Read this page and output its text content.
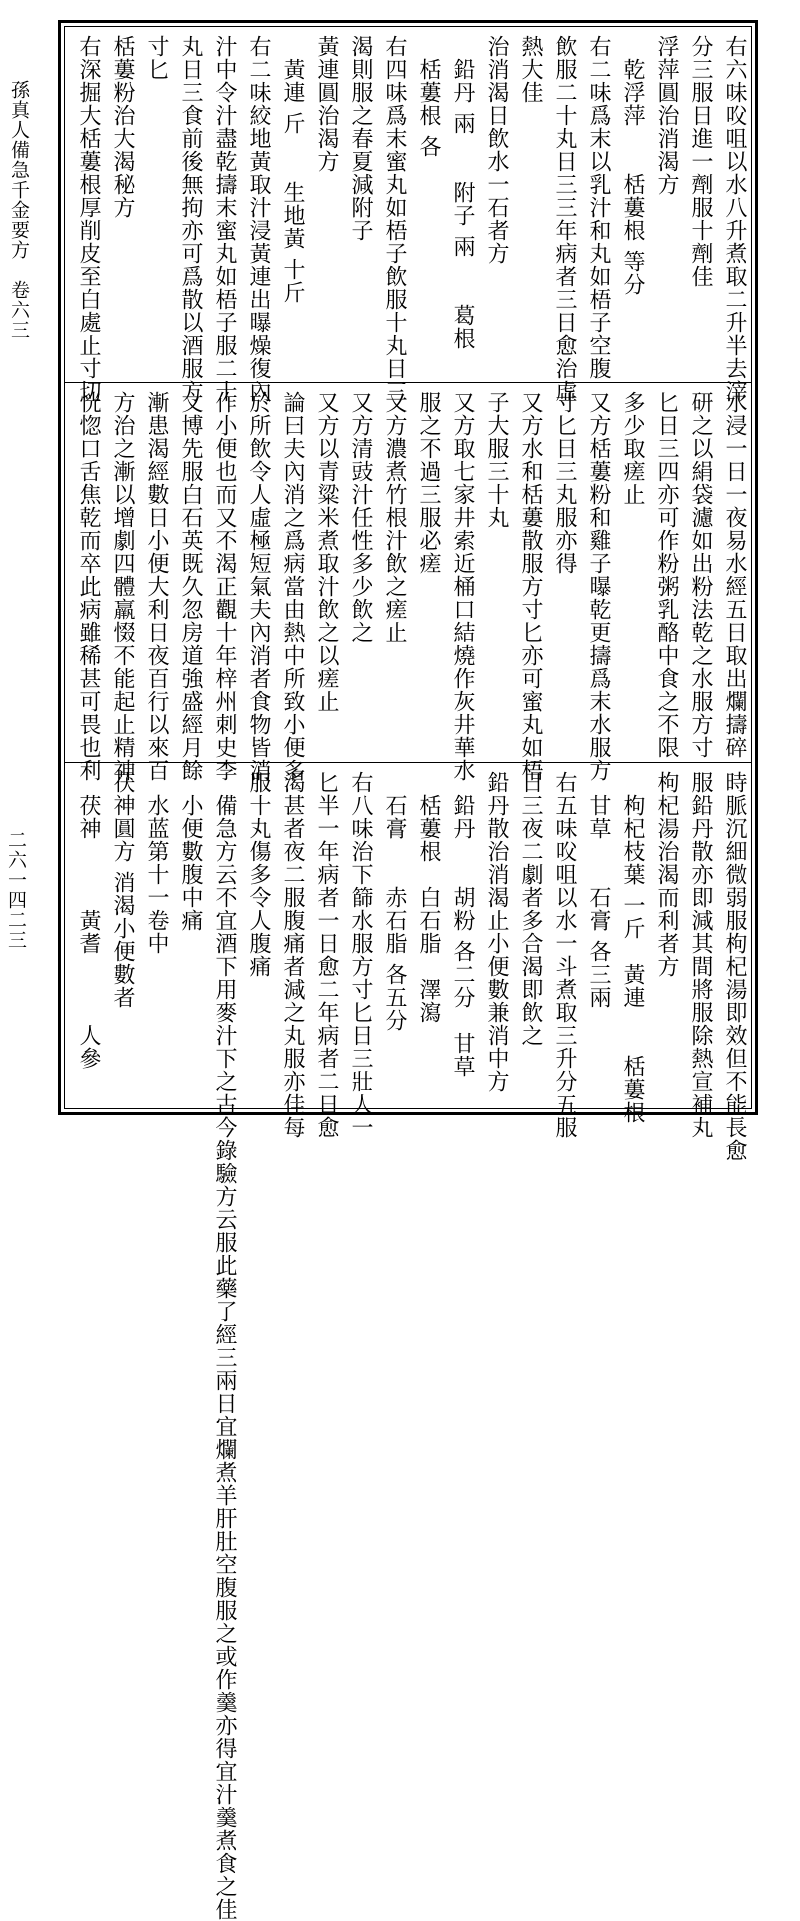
孫真人備急千金要方　卷六三
二六一四二三
右六味㕮咀以水八升煮取二升半去滓
分三服日進一劑服十劑佳
浮萍圓治消渴方
　乾浮萍　　栝蔞根 等分
右二味爲末以乳汁和丸如梧子空腹
飲服二十丸日三三年病者三日愈治虛
熱大佳
治消渴日飲水一石者方
　鉛丹 兩　　附子 兩　　葛根
　栝蔞根 各
右四味爲末蜜丸如梧子飲服十丸日三
渴則服之春夏減附子
黃連圓治渴方
　黃連 斤　　生地黃 十斤
右二味絞地黃取汁浸黃連出曝燥復內
汁中令汁盡乾擣末蜜丸如梧子服二十
丸日三食前後無拘亦可爲散以酒服方
寸匕
栝蔞粉治大渴秘方
右深掘大栝蔞根厚削皮至白處止寸切
水浸一日一夜易水經五日取出爛擣碎
研之以絹袋濾如出粉法乾之水服方寸
匕日三四亦可作粉粥乳酪中食之不限
多少取瘥止
又方栝蔞粉和雞子曝乾更擣爲末水服方
寸匕日三丸服亦得
又方水和栝蔞散服方寸匕亦可蜜丸如梧
子大服三十丸
又方取七家井索近桶口結燒作灰井華水
服之不過三服必瘥
又方濃煮竹根汁飲之瘥止
又方清豉汁任性多少飲之
又方以青粱米煮取汁飲之以瘥止
論曰夫內消之爲病當由熱中所致小便多
於所飲令人虛極短氣夫內消者食物皆消
作小便也而又不渴正觀十年梓州刺史李
文博先服白石英既久忽房道強盛經月餘
漸患渴經數日小便大利日夜百行以來百
方治之漸以增劇四體羸惙不能起止精神
恍惚口舌焦乾而卒此病雖稀甚可畏也利
時脈沉細微弱服枸杞湯即效但不能長愈
服鉛丹散亦即減其間將服除熱宣補丸
枸杞湯治渴而利者方
　枸杞枝葉 一斤　黃連　　栝蔞根
　甘草　　石膏 各三兩
右五味㕮咀以水一斗煮取三升分五服
日三夜二劇者多合渴即飲之
鉛丹散治消渴止小便數兼消中方
　鉛丹　　胡粉 各二分　甘草
　栝蔞根　白石脂　澤瀉
　石膏　　赤石脂 各五分
右八味治下篩水服方寸匕日三壯人一
匕半一年病者一日愈二年病者二日愈
渴甚者夜二服腹痛者減之丸服亦佳每
服十丸傷多令人腹痛
　備急方云不宜酒下用麥汁下之古今錄驗方云服此藥了經三兩日宜爛煮羊肝肚空腹服之或作羹亦得宜汁羹煮食之佳
　小便數腹中痛
　水蓝第十一卷中
茯神圓方 消渴小便數者
　茯神　　　黃耆　　　人參
